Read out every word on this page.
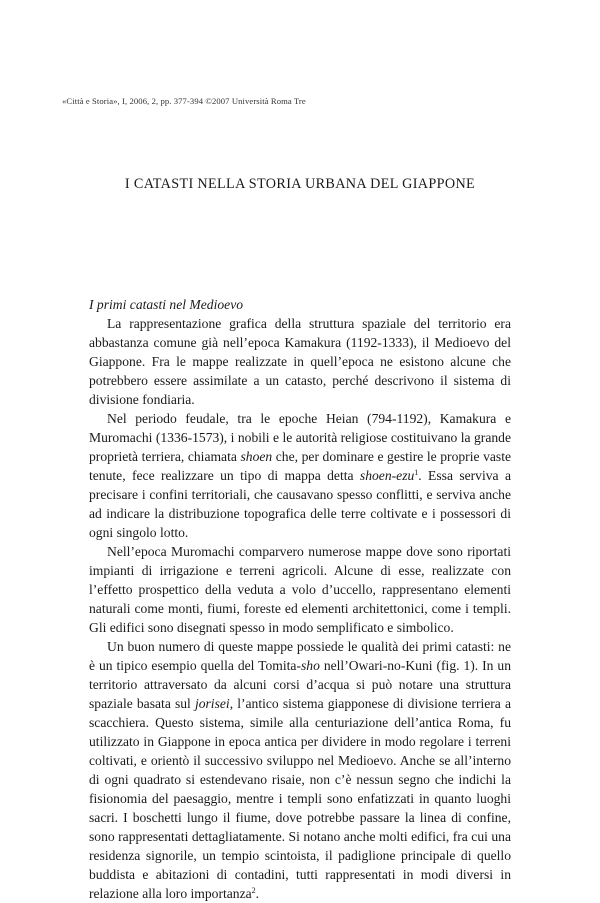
«Città e Storia», I, 2006, 2, pp. 377-394 ©2007 Università Roma Tre
I CATASTI NELLA STORIA URBANA DEL GIAPPONE

I primi catasti nel Medioevo

La rappresentazione grafica della struttura spaziale del territorio era abbastanza comune già nell’epoca Kamakura (1192-1333), il Medioevo del Giappone. Fra le mappe realizzate in quell’epoca ne esistono alcune che potrebbero essere assimilate a un catasto, perché descrivono il sistema di divisione fondiaria.

Nel periodo feudale, tra le epoche Heian (794-1192), Kamakura e Muromachi (1336-1573), i nobili e le autorità religiose costituivano la grande proprietà terriera, chiamata shoen che, per dominare e gestire le proprie vaste tenute, fece realizzare un tipo di mappa detta shoen-ezu$^1$. Essa serviva a precisare i confini territoriali, che causavano spesso conflitti, e serviva anche ad indicare la distribuzione topografica delle terre coltivate e i possessori di ogni singolo lotto.

Nell’epoca Muromachi comparvero numerose mappe dove sono riportati impianti di irrigazione e terreni agricoli. Alcune di esse, realizzate con l’effetto prospettico della veduta a volo d’uccello, rappresentano elementi naturali come monti, fiumi, foreste ed elementi architettonici, come i templi. Gli edifici sono disegnati spesso in modo semplificato e simbolico.

Un buon numero di queste mappe possiede le qualità dei primi catasti: ne è un tipico esempio quella del Tomita-sho nell’Owari-no-Kuni (fig. 1). In un territorio attraversato da alcuni corsi d’acqua si può notare una struttura spaziale basata sul jorisei, l’antico sistema giapponese di divisione terriera a scacchiera. Questo sistema, simile alla centuriazione dell’antica Roma, fu utilizzato in Giappone in epoca antica per dividere in modo regolare i terreni coltivati, e orientò il successivo sviluppo nel Medioevo. Anche se all’interno di ogni quadrato si estendevano risaie, non c’è nessun segno che indichi la fisionomia del paesaggio, mentre i templi sono enfatizzati in quanto luoghi sacri. I boschetti lungo il fiume, dove potrebbe passare la linea di confine, sono rappresentati dettagliatamente. Si notano anche molti edifici, fra cui una residenza signorile, un tempio scintoista, il padiglione principale di quello buddista e abitazioni di contadini, tutti rappresentati in modi diversi in relazione alla loro importanza$^2$.
